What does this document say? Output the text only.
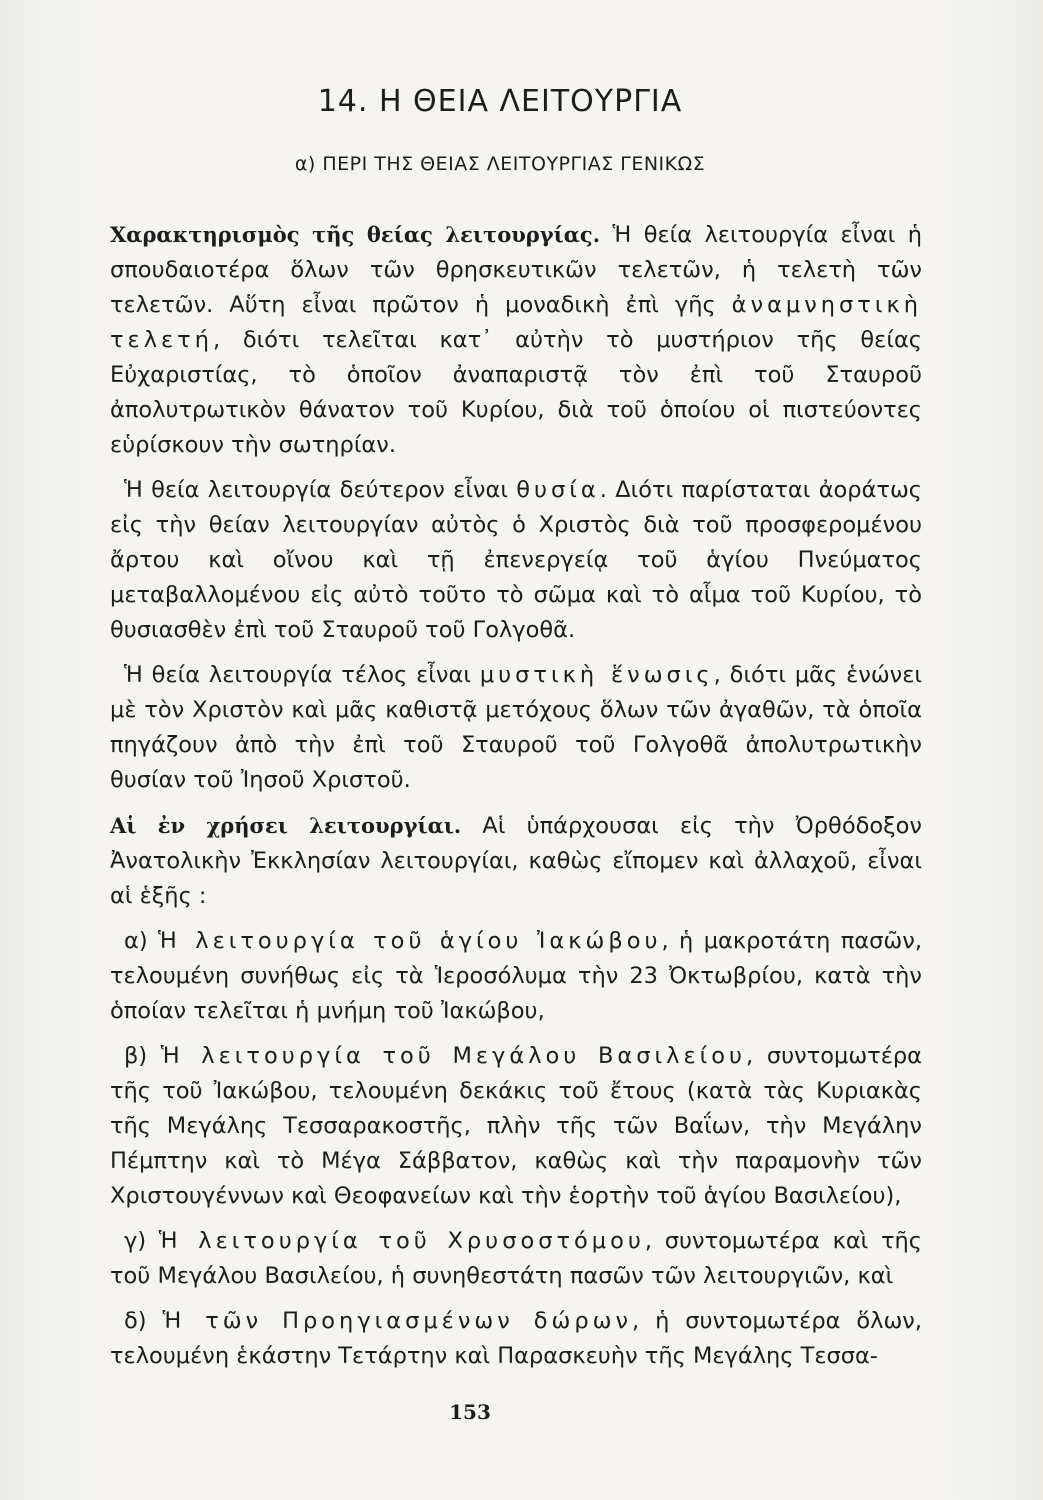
14. Η ΘΕΙΑ ΛΕΙΤΟΥΡΓΙΑ
α) ΠΕΡΙ ΤΗΣ ΘΕΙΑΣ ΛΕΙΤΟΥΡΓΙΑΣ ΓΕΝΙΚΩΣ

Χαρακτηρισμὸς τῆς θείας λειτουργίας. Ἡ θεία λειτουργία εἶναι ἡ σπουδαιοτέρα ὅλων τῶν θρησκευτικῶν τελετῶν, ἡ τελετὴ τῶν τελετῶν. Αὕτη εἶναι πρῶτον ἡ μοναδικὴ ἐπὶ γῆς ἀναμνηστικὴ τελετή, διότι τελεῖται κατ᾽ αὐτὴν τὸ μυστήριον τῆς θείας Εὐχαριστίας, τὸ ὁποῖον ἀναπαριστᾷ τὸν ἐπὶ τοῦ Σταυροῦ ἀπολυτρωτικὸν θάνατον τοῦ Κυρίου, διὰ τοῦ ὁποίου οἱ πιστεύοντες εὑρίσκουν τὴν σωτηρίαν.

Ἡ θεία λειτουργία δεύτερον εἶναι θυσία. Διότι παρίσταται ἀοράτως εἰς τὴν θείαν λειτουργίαν αὐτὸς ὁ Χριστὸς διὰ τοῦ προσφερομένου ἄρτου καὶ οἴνου καὶ τῇ ἐπενεργείᾳ τοῦ ἁγίου Πνεύματος μεταβαλλομένου εἰς αὐτὸ τοῦτο τὸ σῶμα καὶ τὸ αἷμα τοῦ Κυρίου, τὸ θυσιασθὲν ἐπὶ τοῦ Σταυροῦ τοῦ Γολγοθᾶ.

Ἡ θεία λειτουργία τέλος εἶναι μυστικὴ ἕνωσις, διότι μᾶς ἑνώνει μὲ τὸν Χριστὸν καὶ μᾶς καθιστᾷ μετόχους ὅλων τῶν ἀγαθῶν, τὰ ὁποῖα πηγάζουν ἀπὸ τὴν ἐπὶ τοῦ Σταυροῦ τοῦ Γολγοθᾶ ἀπολυτρωτικὴν θυσίαν τοῦ Ἰησοῦ Χριστοῦ.

Αἱ ἐν χρήσει λειτουργίαι. Αἱ ὑπάρχουσαι εἰς τὴν Ὀρθόδοξον Ἀνατολικὴν Ἐκκλησίαν λειτουργίαι, καθὼς εἴπομεν καὶ ἀλλαχοῦ, εἶναι αἱ ἑξῆς :

α) Ἡ λειτουργία τοῦ ἁγίου Ἰακώβου, ἡ μακροτάτη πασῶν, τελουμένη συνήθως εἰς τὰ Ἱεροσόλυμα τὴν 23 Ὀκτωβρίου, κατὰ τὴν ὁποίαν τελεῖται ἡ μνήμη τοῦ Ἰακώβου,

β) Ἡ λειτουργία τοῦ Μεγάλου Βασιλείου, συντομωτέρα τῆς τοῦ Ἰακώβου, τελουμένη δεκάκις τοῦ ἔτους (κατὰ τὰς Κυριακὰς τῆς Μεγάλης Τεσσαρακοστῆς, πλὴν τῆς τῶν Βαΐων, τὴν Μεγάλην Πέμπτην καὶ τὸ Μέγα Σάββατον, καθὼς καὶ τὴν παραμονὴν τῶν Χριστουγέννων καὶ Θεοφανείων καὶ τὴν ἑορτὴν τοῦ ἁγίου Βασιλείου),

γ) Ἡ λειτουργία τοῦ Χρυσοστόμου, συντομωτέρα καὶ τῆς τοῦ Μεγάλου Βασιλείου, ἡ συνηθεστάτη πασῶν τῶν λειτουργιῶν, καὶ

δ) Ἡ τῶν Προηγιασμένων δώρων, ἡ συντομωτέρα ὅλων, τελουμένη ἑκάστην Τετάρτην καὶ Παρασκευὴν τῆς Μεγάλης Τεσσα-

153
